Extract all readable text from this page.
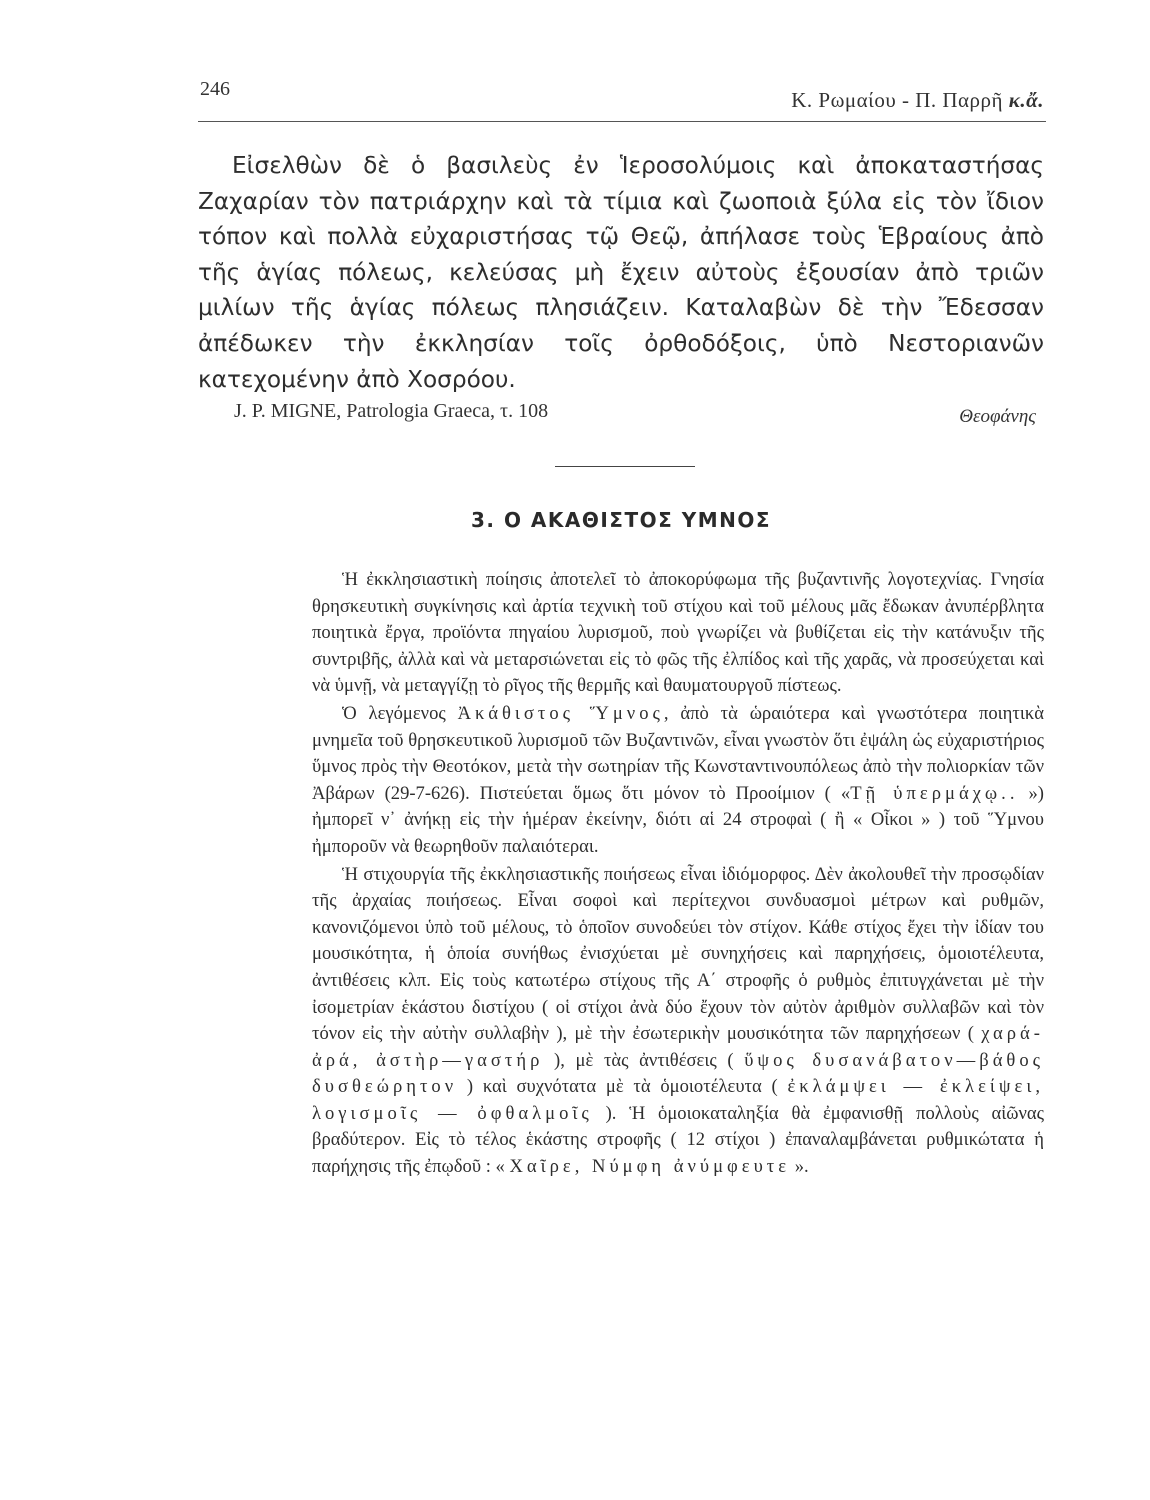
246	Κ. Ρωμαίου - Π. Παρρῆ κ.ἄ.

Εἰσελθὼν δὲ ὁ βασιλεὺς ἐν Ἱεροσολύμοις καὶ ἀποκαταστήσας Ζαχαρίαν τὸν πατριάρχην καὶ τὰ τίμια καὶ ζωοποιὰ ξύλα εἰς τὸν ἴδιον τόπον καὶ πολλὰ εὐχαριστήσας τῷ Θεῷ, ἀπήλασε τοὺς Ἑβραίους ἀπὸ τῆς ἁγίας πόλεως, κελεύσας μὴ ἔχειν αὐτοὺς ἐξουσίαν ἀπὸ τριῶν μιλίων τῆς ἁγίας πόλεως πλησιάζειν. Καταλαβὼν δὲ τὴν Ἔδεσσαν ἀπέδωκεν τὴν ἐκκλησίαν τοῖς ὀρθοδόξοις, ὑπὸ Νεστοριανῶν κατεχομένην ἀπὸ Χοσρόου.

J. P. MIGNE, Patrologia Graeca, τ. 108	Θεοφάνης
3. Ο ΑΚΑΘΙΣΤΟΣ ΥΜΝΟΣ

Ἡ ἐκκλησιαστικὴ ποίησις ἀποτελεῖ τὸ ἀποκορύφωμα τῆς βυζαντινῆς λογοτεχνίας. Γνησία θρησκευτικὴ συγκίνησις καὶ ἀρτία τεχνικὴ τοῦ στίχου καὶ τοῦ μέλους μᾶς ἔδωκαν ἀνυπέρβλητα ποιητικὰ ἔργα, προϊόντα πηγαίου λυρισμοῦ, ποὺ γνωρίζει νὰ βυθίζεται εἰς τὴν κατάνυξιν τῆς συντριβῆς, ἀλλὰ καὶ νὰ μεταρσιώνεται εἰς τὸ φῶς τῆς ἐλπίδος καὶ τῆς χαρᾶς, νὰ προσεύχεται καὶ νὰ ὑμνῇ, νὰ μεταγγίζῃ τὸ ρῖγος τῆς θερμῆς καὶ θαυματουργοῦ πίστεως.

Ὁ λεγόμενος Ἀκάθιστος Ὕμνος, ἀπὸ τὰ ὡραιότερα καὶ γνωστότερα ποιητικὰ μνημεῖα τοῦ θρησκευτικοῦ λυρισμοῦ τῶν Βυζαντινῶν, εἶναι γνωστὸν ὅτι ἐψάλη ὡς εὐχαριστήριος ὕμνος πρὸς τὴν Θεοτόκον, μετὰ τὴν σωτηρίαν τῆς Κωνσταντινουπόλεως ἀπὸ τὴν πολιορκίαν τῶν Ἀβάρων (29-7-626). Πιστεύεται ὅμως ὅτι μόνον τὸ Προοίμιον ( «Τῇ ὑπερμάχῳ.. ») ἠμπορεῖ ν᾽ ἀνήκῃ εἰς τὴν ἡμέραν ἐκείνην, διότι αἱ 24 στροφαὶ ( ἢ « Οἶκοι » ) τοῦ Ὕμνου ἠμποροῦν νὰ θεωρηθοῦν παλαιότεραι.

Ἡ στιχουργία τῆς ἐκκλησιαστικῆς ποιήσεως εἶναι ἰδιόμορφος. Δὲν ἀκολουθεῖ τὴν προσῳδίαν τῆς ἀρχαίας ποιήσεως. Εἶναι σοφοὶ καὶ περίτεχνοι συνδυασμοὶ μέτρων καὶ ρυθμῶν, κανονιζόμενοι ὑπὸ τοῦ μέλους, τὸ ὁποῖον συνοδεύει τὸν στίχον. Κάθε στίχος ἔχει τὴν ἰδίαν του μουσικότητα, ἡ ὁποία συνήθως ἐνισχύεται μὲ συνηχήσεις καὶ παρηχήσεις, ὁμοιοτέλευτα, ἀντιθέσεις κλπ. Εἰς τοὺς κατωτέρω στίχους τῆς Α΄ στροφῆς ὁ ρυθμὸς ἐπιτυγχάνεται μὲ τὴν ἰσομετρίαν ἑκάστου διστίχου ( οἱ στίχοι ἀνὰ δύο ἔχουν τὸν αὐτὸν ἀριθμὸν συλλαβῶν καὶ τὸν τόνον εἰς τὴν αὐτὴν συλλαβὴν ), μὲ τὴν ἐσωτερικὴν μουσικότητα τῶν παρηχήσεων ( χαρά-ἀρά, ἀστὴρ—γαστήρ ), μὲ τὰς ἀντιθέσεις ( ὕψος δυσανάβατον—βάθος δυσθεώρητον ) καὶ συχνότατα μὲ τὰ ὁμοιοτέλευτα ( ἐκλάμψει — ἐκλείψει, λογισμοῖς — ὀφθαλμοῖς ). Ἡ ὁμοιοκαταληξία θὰ ἐμφανισθῇ πολλοὺς αἰῶνας βραδύτερον. Εἰς τὸ τέλος ἑκάστης στροφῆς ( 12 στίχοι ) ἐπαναλαμβάνεται ρυθμικώτατα ἡ παρήχησις τῆς ἐπῳδοῦ : « Χαῖρε, Νύμφη ἀνύμφευτε ».
